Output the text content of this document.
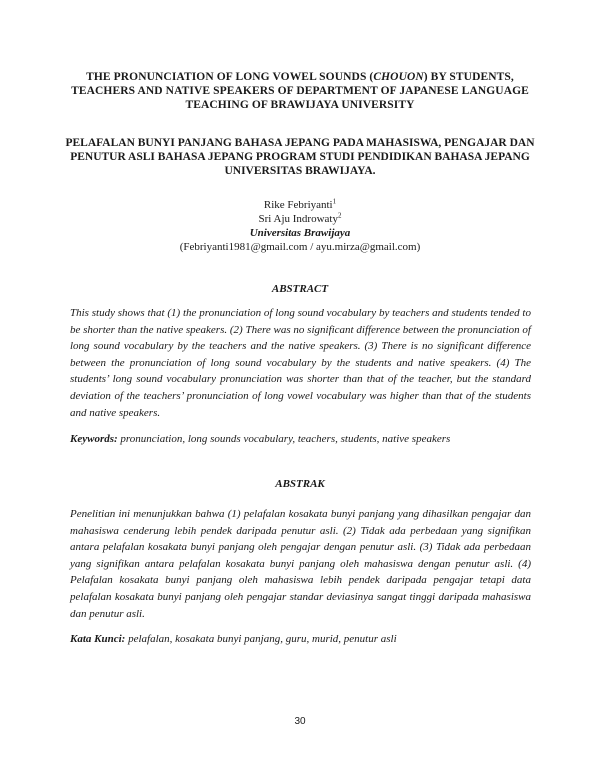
THE PRONUNCIATION OF LONG VOWEL SOUNDS (CHOUON) BY STUDENTS, TEACHERS AND NATIVE SPEAKERS OF DEPARTMENT OF JAPANESE LANGUAGE TEACHING OF BRAWIJAYA UNIVERSITY
PELAFALAN BUNYI PANJANG BAHASA JEPANG PADA MAHASISWA, PENGAJAR DAN PENUTUR ASLI BAHASA JEPANG PROGRAM STUDI PENDIDIKAN BAHASA JEPANG UNIVERSITAS BRAWIJAYA.
Rike Febriyanti$^1$
Sri Aju Indrowaty$^2$
Universitas Brawijaya
(Febriyanti1981@gmail.com / ayu.mirza@gmail.com)
ABSTRACT
This study shows that (1) the pronunciation of long sound vocabulary by teachers and students tended to be shorter than the native speakers. (2) There was no significant difference between the pronunciation of long sound vocabulary by the teachers and the native speakers. (3) There is no significant difference between the pronunciation of long sound vocabulary by the students and native speakers. (4) The students’ long sound vocabulary pronunciation was shorter than that of the teacher, but the standard deviation of the teachers’ pronunciation of long vowel vocabulary was higher than that of the students and native speakers.
Keywords: pronunciation, long sounds vocabulary, teachers, students, native speakers
ABSTRAK
Penelitian ini menunjukkan bahwa (1) pelafalan kosakata bunyi panjang yang dihasilkan pengajar dan mahasiswa cenderung lebih pendek daripada penutur asli. (2) Tidak ada perbedaan yang signifikan antara pelafalan kosakata bunyi panjang oleh pengajar dengan penutur asli. (3) Tidak ada perbedaan yang signifikan antara pelafalan kosakata bunyi panjang oleh mahasiswa dengan penutur asli. (4) Pelafalan kosakata bunyi panjang oleh mahasiswa lebih pendek daripada pengajar tetapi data pelafalan kosakata bunyi panjang oleh pengajar standar deviasinya sangat tinggi daripada mahasiswa dan penutur asli.
Kata Kunci: pelafalan, kosakata bunyi panjang, guru, murid, penutur asli
30
